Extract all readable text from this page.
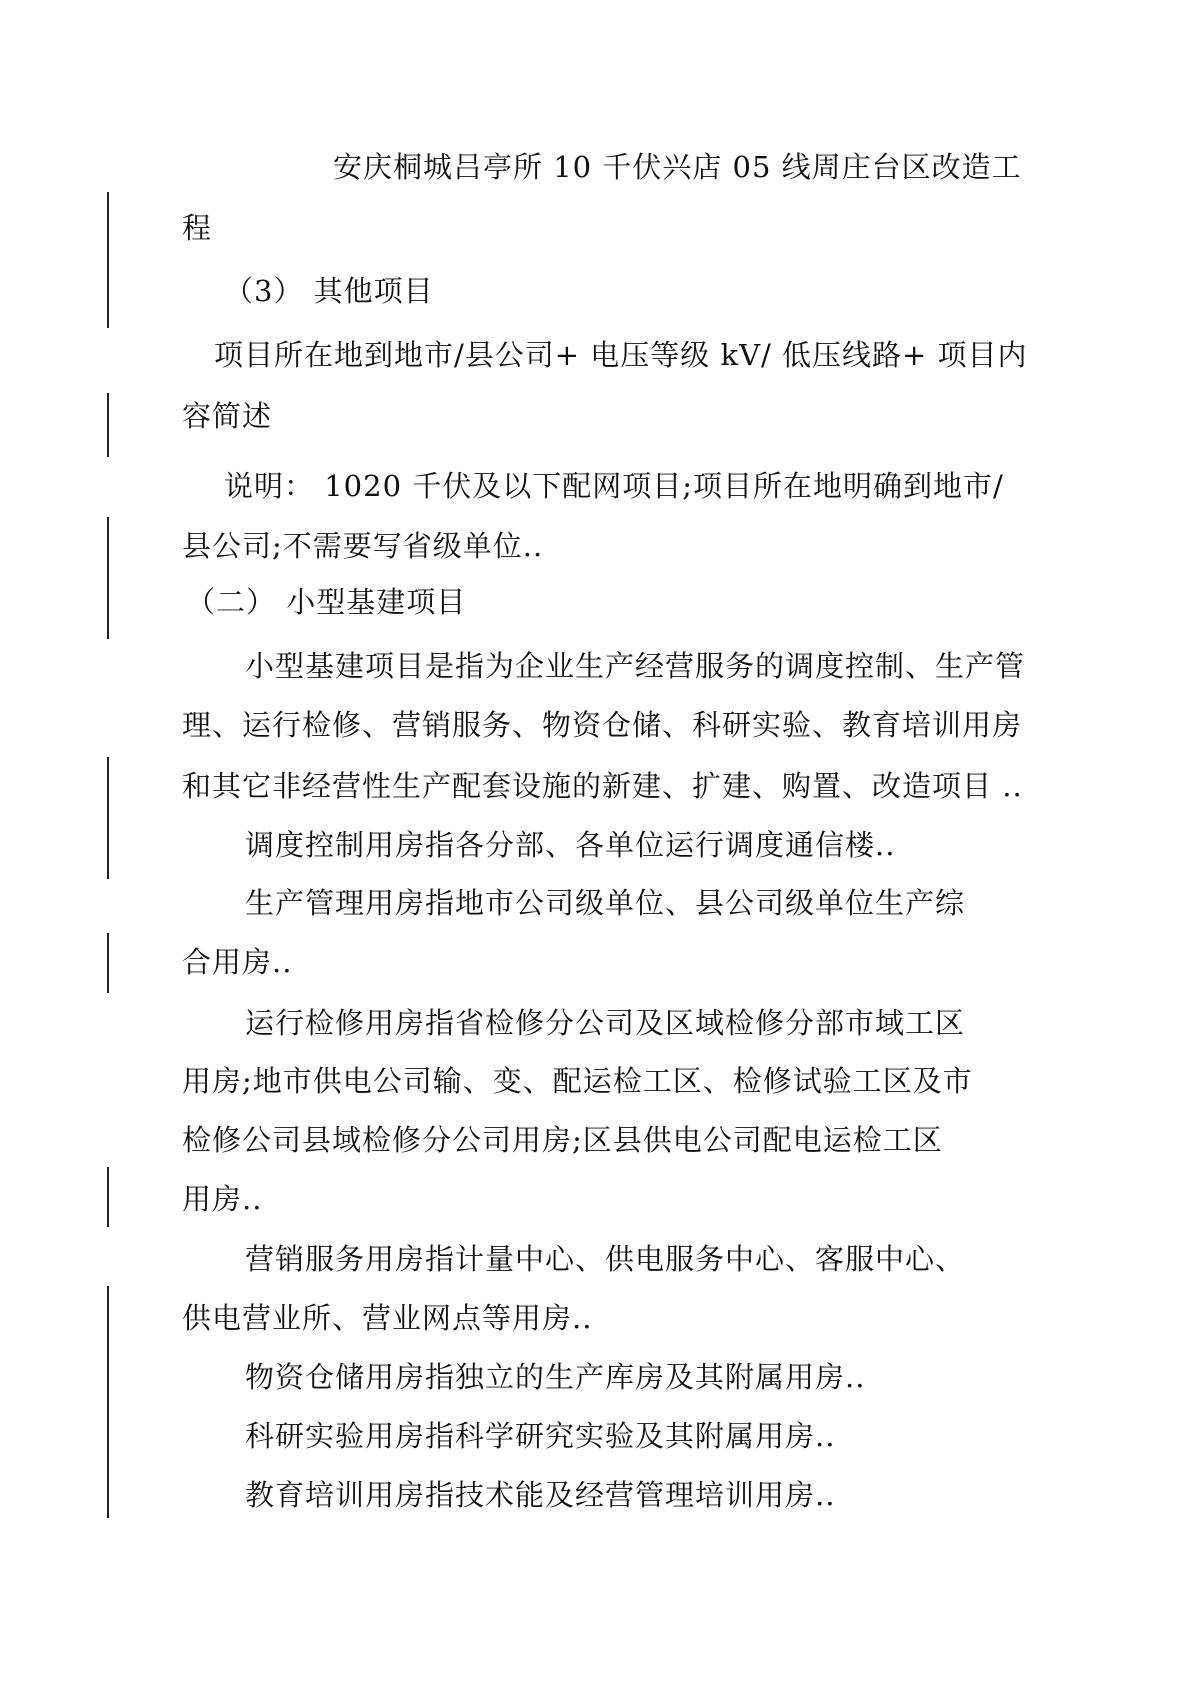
安庆桐城吕亭所 10 千伏兴店 05 线周庄台区改造工
程
（3） 其他项目
项目所在地到地市/县公司+ 电压等级 kV/ 低压线路+ 项目内
容简述
说明： 1020 千伏及以下配网项目;项目所在地明确到地市/
县公司;不需要写省级单位..
（二） 小型基建项目
小型基建项目是指为企业生产经营服务的调度控制、生产管
理、运行检修、营销服务、物资仓储、科研实验、教育培训用房
和其它非经营性生产配套设施的新建、扩建、购置、改造项目 ..
调度控制用房指各分部、各单位运行调度通信楼..
生产管理用房指地市公司级单位、县公司级单位生产综
合用房..
运行检修用房指省检修分公司及区域检修分部市域工区
用房;地市供电公司输、变、配运检工区、检修试验工区及市
检修公司县域检修分公司用房;区县供电公司配电运检工区
用房..
营销服务用房指计量中心、供电服务中心、客服中心、
供电营业所、营业网点等用房..
物资仓储用房指独立的生产库房及其附属用房..
科研实验用房指科学研究实验及其附属用房..
教育培训用房指技术能及经营管理培训用房..
